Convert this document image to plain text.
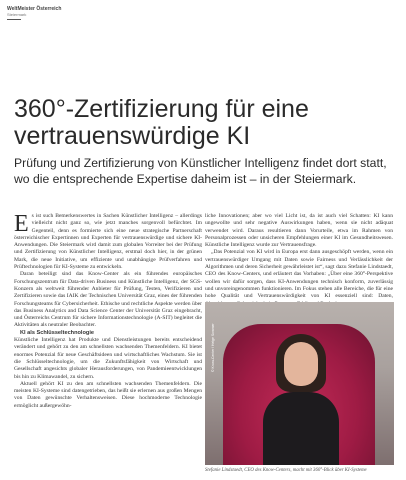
WeltMeister Österreich
Steiermark
360°-Zertifizierung für eine vertrauenswürdige KI

Prüfung und Zertifizierung von Künstlicher Intelligenz findet dort statt, wo die entsprechende Expertise daheim ist – in der Steiermark.

Es ist such Bemerkenswertes in Sachen Künstlicher Intelligenz – allerdings vielleicht nicht ganz so, wie jetzt manches sorgenvoll befürchtet. Im Gegenteil, denn es formierte sich eine neue strategische Partnerschaft österreichischer Expertinnen und Experten für vertrauenswürdige und sichere KI-Anwendungen. Die Steiermark wird damit zum globalen Vorreiter bei der Prüfung und Zertifizierung von Künstlicher Intelligenz, erstmal doch hier, in der grünen Mark, die neue Initiative, um effiziente und unabhängige Prüfverfahren und Prüftechnologien für KI-Systeme zu entwickeln.

Daran beteiligt sind das Know-Center als ein führendes europäisches Forschungszentrum für Data-driven Business und Künstliche Intelligenz, der SGS-Konzern als weltweit führender Anbieter für Prüfung, Testen, Verifizieren und Zertifizieren sowie das IAIK der Technischen Universität Graz, eines der führenden Forschungsteams für Cybersicherheit. Ethische und rechtliche Aspekte werden über das Business Analytics and Data Science Center der Universität Graz eingebracht, und Österreichs Centrum für sichere Informationstechnologie (A-SIT) begleitet die Aktivitäten als neutraler Beobachter.

KI als Schlüsseltechnologie

Künstliche Intelligenz hat Produkte und Dienstleistungen bereits entscheidend verändert und gehört zu den am schnellsten wachsenden Themenfeldern. KI bietet enormes Potenzial für neue Geschäftsideen und wirtschaftliches Wachstum. Sie ist die Schlüsseltechnologie, um die Zukunftsfähigkeit von Wirtschaft und Gesellschaft angesichts globaler Herausforderungen, von Pandemieentwicklungen bis hin zu Klimawandel, zu sichern.

Aktuell gehört KI zu den am schnellsten wachsenden Themenfeldern. Die meisten KI-Systeme sind datengetrieben, das heißt sie erlernen aus großen Mengen von Daten gewünschte Verhaltensweisen. Diese hochmoderne Technologie ermöglicht außergewöhn-

liche Innovationen; aber wo viel Licht ist, da ist auch viel Schatten: KI kann ungewollte und sehr negative Auswirkungen haben, wenn sie nicht adäquat verwendet wird. Daraus resultieren dann Vorurteile, etwa im Rahmen von Personalprozessen oder unsicheren Empfehlungen einer KI im Gesundheitswesen. Künstliche Intelligenz wurde zur Vertrauensfrage.

„Das Potenzial von KI wird in Europa erst dann ausgeschöpft werden, wenn ein vertrauenswürdiger Umgang mit Daten sowie Fairness und Verlässlichkeit der Algorithmen und deren Sicherheit gewährleistet ist“, sagt dazu Stefanie Lindstaedt, CEO des Know-Centers, und erläutert das Vorhaben: „Über eine 360°-Perspektive wollen wir dafür sorgen, dass KI-Anwendungen technisch konform, zuverlässig und unvoreingenommen funktionieren. Im Fokus stehen alle Bereiche, die für eine hohe Qualität und Vertrauenswürdigkeit von KI essenziell sind: Daten,

© Know-Center / Helge Sommer
Stefanie Lindstaedt, CEO des Know-Centers, macht mit 360°-Blick über KI-Systeme
